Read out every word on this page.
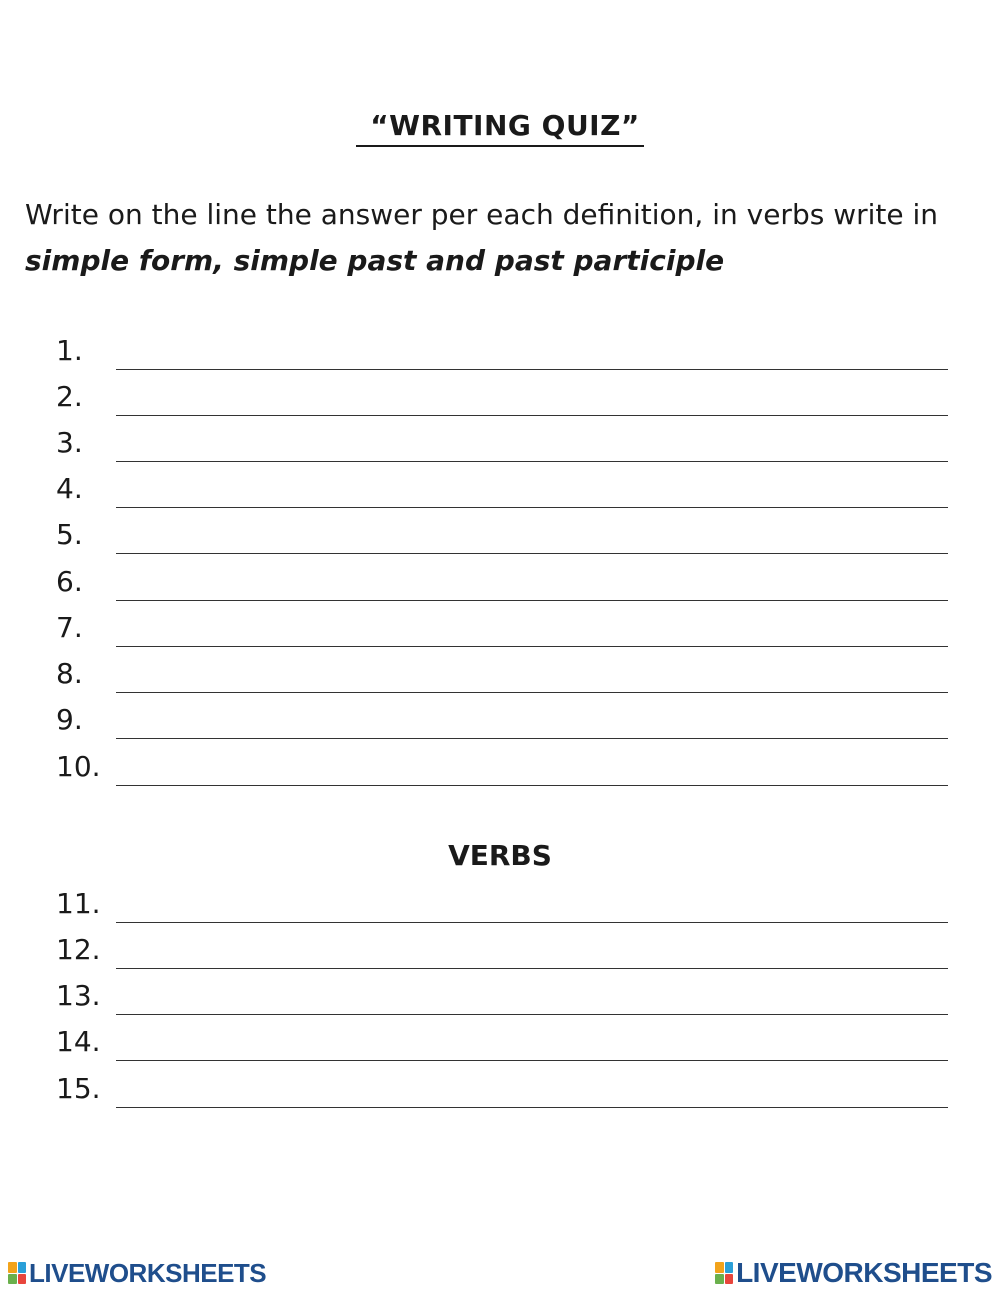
“WRITING QUIZ”
Write on the line the answer per each definition, in verbs write in simple form, simple past and past participle
1.
2.
3.
4.
5.
6.
7.
8.
9.
10.
VERBS
11.
12.
13.
14.
15.
LIVEWORKSHEETS	LIVEWORKSHEETS
